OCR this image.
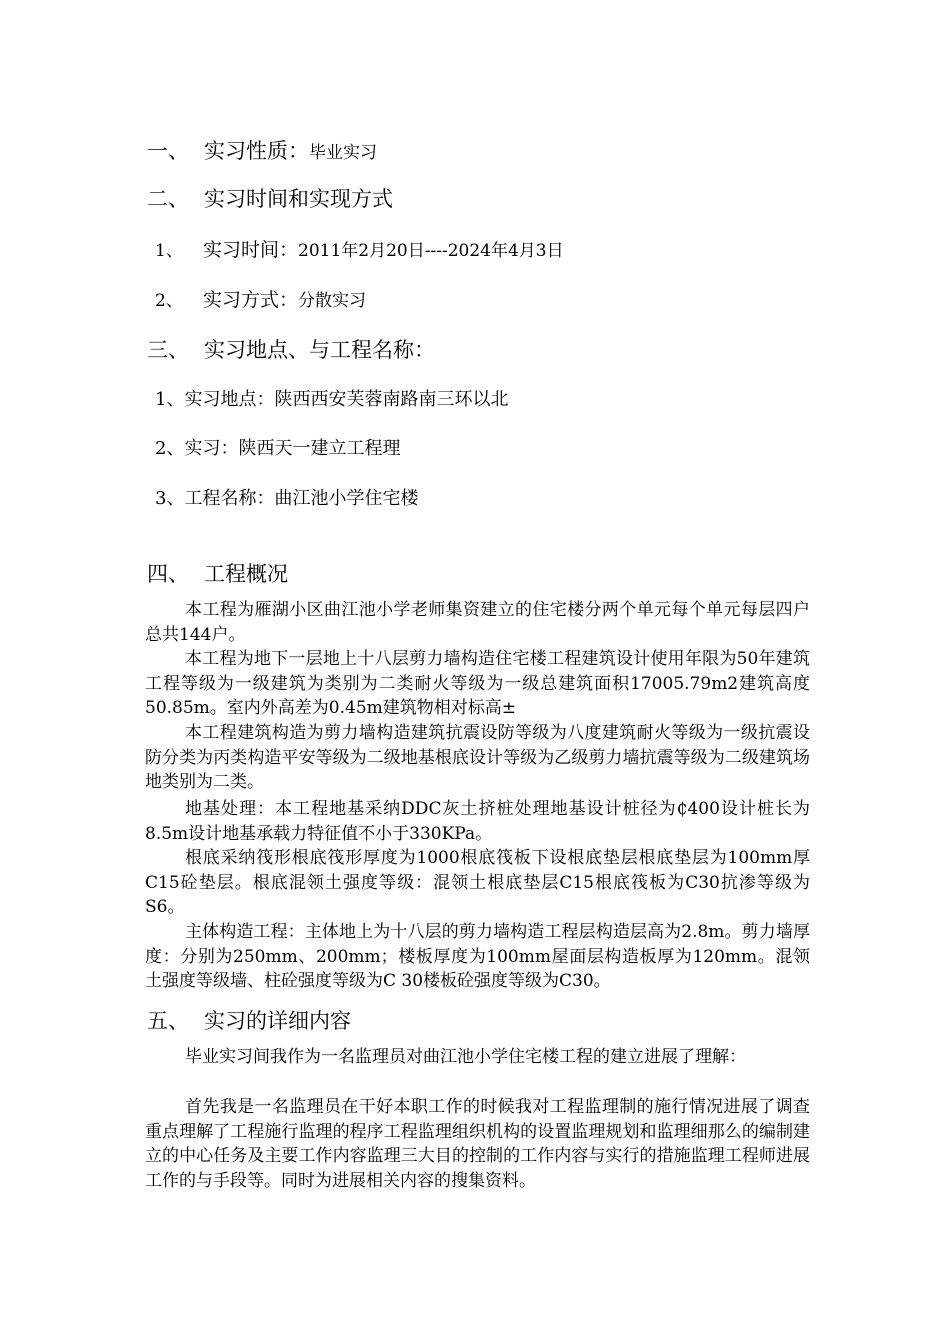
一、 实习性质：毕业实习
二、 实习时间和实现方式
1、 实习时间：2011年2月20日----2024年4月3日
2、 实习方式：分散实习
三、 实习地点、与工程名称：
1、实习地点：陕西西安芙蓉南路南三环以北
2、实习：陕西天一建立工程理
3、工程名称：曲江池小学住宅楼
四、 工程概况
本工程为雁湖小区曲江池小学老师集资建立的住宅楼分两个单元每个单元每层四户总共144户。
本工程为地下一层地上十八层剪力墙构造住宅楼工程建筑设计使用年限为50年建筑工程等级为一级建筑为类别为二类耐火等级为一级总建筑面积17005.79m2建筑高度50.85m。室内外高差为0.45m建筑物相对标高±
本工程建筑构造为剪力墙构造建筑抗震设防等级为八度建筑耐火等级为一级抗震设防分类为丙类构造平安等级为二级地基根底设计等级为乙级剪力墙抗震等级为二级建筑场地类别为二类。
地基处理：本工程地基采纳DDC灰土挤桩处理地基设计桩径为₵400设计桩长为8.5m设计地基承载力特征值不小于330KPa。
根底采纳筏形根底筏形厚度为1000根底筏板下设根底垫层根底垫层为100mm厚C15砼垫层。根底混领土强度等级：混领土根底垫层C15根底筏板为C30抗渗等级为S6。
主体构造工程：主体地上为十八层的剪力墙构造工程层构造层高为2.8m。剪力墙厚度：分别为250mm、200mm；楼板厚度为100mm屋面层构造板厚为120mm。混领土强度等级墙、柱砼强度等级为C 30楼板砼强度等级为C30。
五、 实习的详细内容
毕业实习间我作为一名监理员对曲江池小学住宅楼工程的建立进展了理解：
首先我是一名监理员在干好本职工作的时候我对工程监理制的施行情况进展了调查重点理解了工程施行监理的程序工程监理组织机构的设置监理规划和监理细那么的编制建立的中心任务及主要工作内容监理三大目的控制的工作内容与实行的措施监理工程师进展工作的与手段等。同时为进展相关内容的搜集资料。
